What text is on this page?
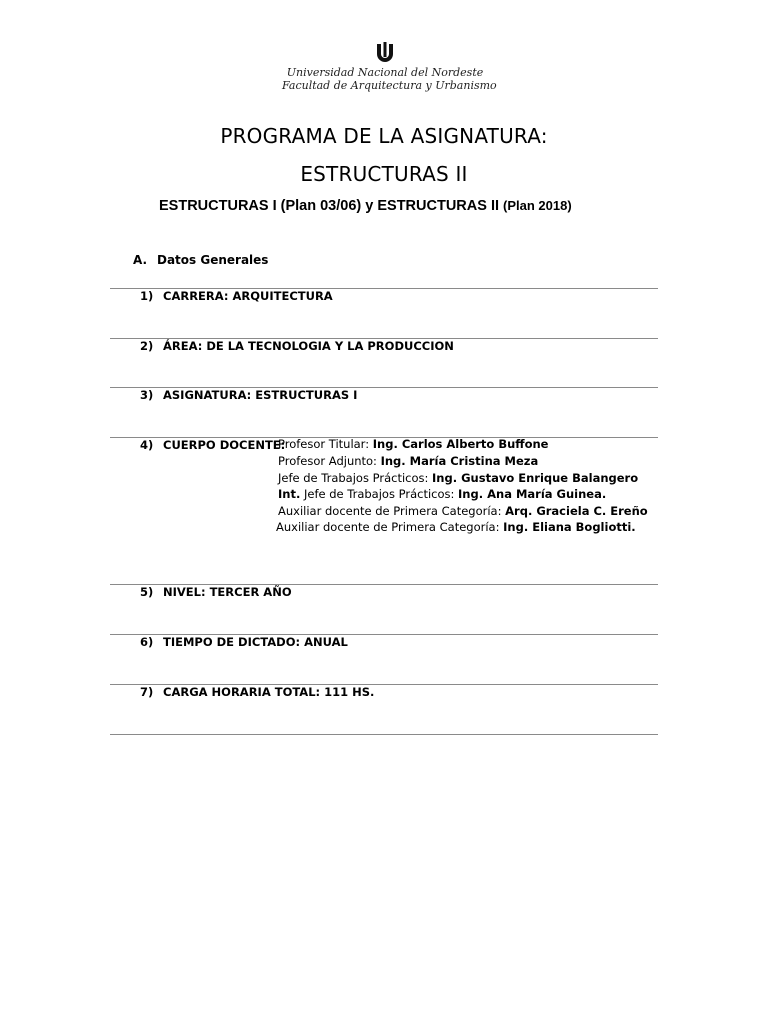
Universidad Nacional del Nordeste
Facultad de Arquitectura y Urbanismo
PROGRAMA DE LA ASIGNATURA:
ESTRUCTURAS II
ESTRUCTURAS I (Plan 03/06) y ESTRUCTURAS II (Plan 2018)
A. Datos Generales
1) CARRERA: ARQUITECTURA
2) ÁREA: DE LA TECNOLOGIA Y LA PRODUCCION
3) ASIGNATURA: ESTRUCTURAS I
4) CUERPO DOCENTE:
Profesor Titular: Ing. Carlos Alberto Buffone
Profesor Adjunto: Ing. María Cristina Meza
Jefe de Trabajos Prácticos: Ing. Gustavo Enrique Balangero
Int. Jefe de Trabajos Prácticos: Ing. Ana María Guinea.
Auxiliar docente de Primera Categoría: Arq. Graciela C. Ereño
Auxiliar docente de Primera Categoría: Ing. Eliana Bogliotti.
5) NIVEL: TERCER AÑO
6) TIEMPO DE DICTADO: ANUAL
7) CARGA HORARIA TOTAL: 111 HS.
